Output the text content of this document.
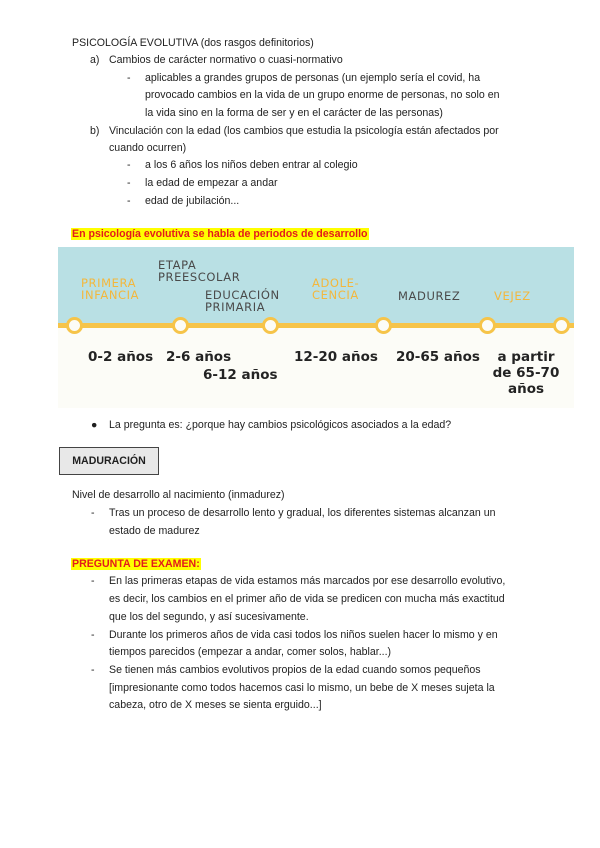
PSICOLOGÍA EVOLUTIVA (dos rasgos definitorios)
a) Cambios de carácter normativo o cuasi-normativo
- aplicables a grandes grupos de personas (un ejemplo sería el covid, ha
provocado cambios en la vida de un grupo enorme de personas, no solo en
la vida sino en la forma de ser y en el carácter de las personas)
b) Vinculación con la edad (los cambios que estudia la psicología están afectados por
cuando ocurren)
- a los 6 años los niños deben entrar al colegio
- la edad de empezar a andar
- edad de jubilación...
En psicología evolutiva se habla de periodos de desarrollo
PRIMERA
INFANCIA
ETAPA
PREESCOLAR
EDUCACIÓN
PRIMARIA
ADOLE-
CENCIA	MADUREZ	VEJEZ
0-2 años 2-6 años
6-12 años
12-20 años 20-65 años	a partir
de 65-70
años
● La pregunta es: ¿porque hay cambios psicológicos asociados a la edad?
MADURACIÓN
Nivel de desarrollo al nacimiento (inmadurez)
- Tras un proceso de desarrollo lento y gradual, los diferentes sistemas alcanzan un
estado de madurez
PREGUNTA DE EXAMEN:
- En las primeras etapas de vida estamos más marcados por ese desarrollo evolutivo,
es decir, los cambios en el primer año de vida se predicen con mucha más exactitud
que los del segundo, y así sucesivamente.
- Durante los primeros años de vida casi todos los niños suelen hacer lo mismo y en
tiempos parecidos (empezar a andar, comer solos, hablar...)
- Se tienen más cambios evolutivos propios de la edad cuando somos pequeños
[impresionante como todos hacemos casi lo mismo, un bebe de X meses sujeta la
cabeza, otro de X meses se sienta erguido...]
